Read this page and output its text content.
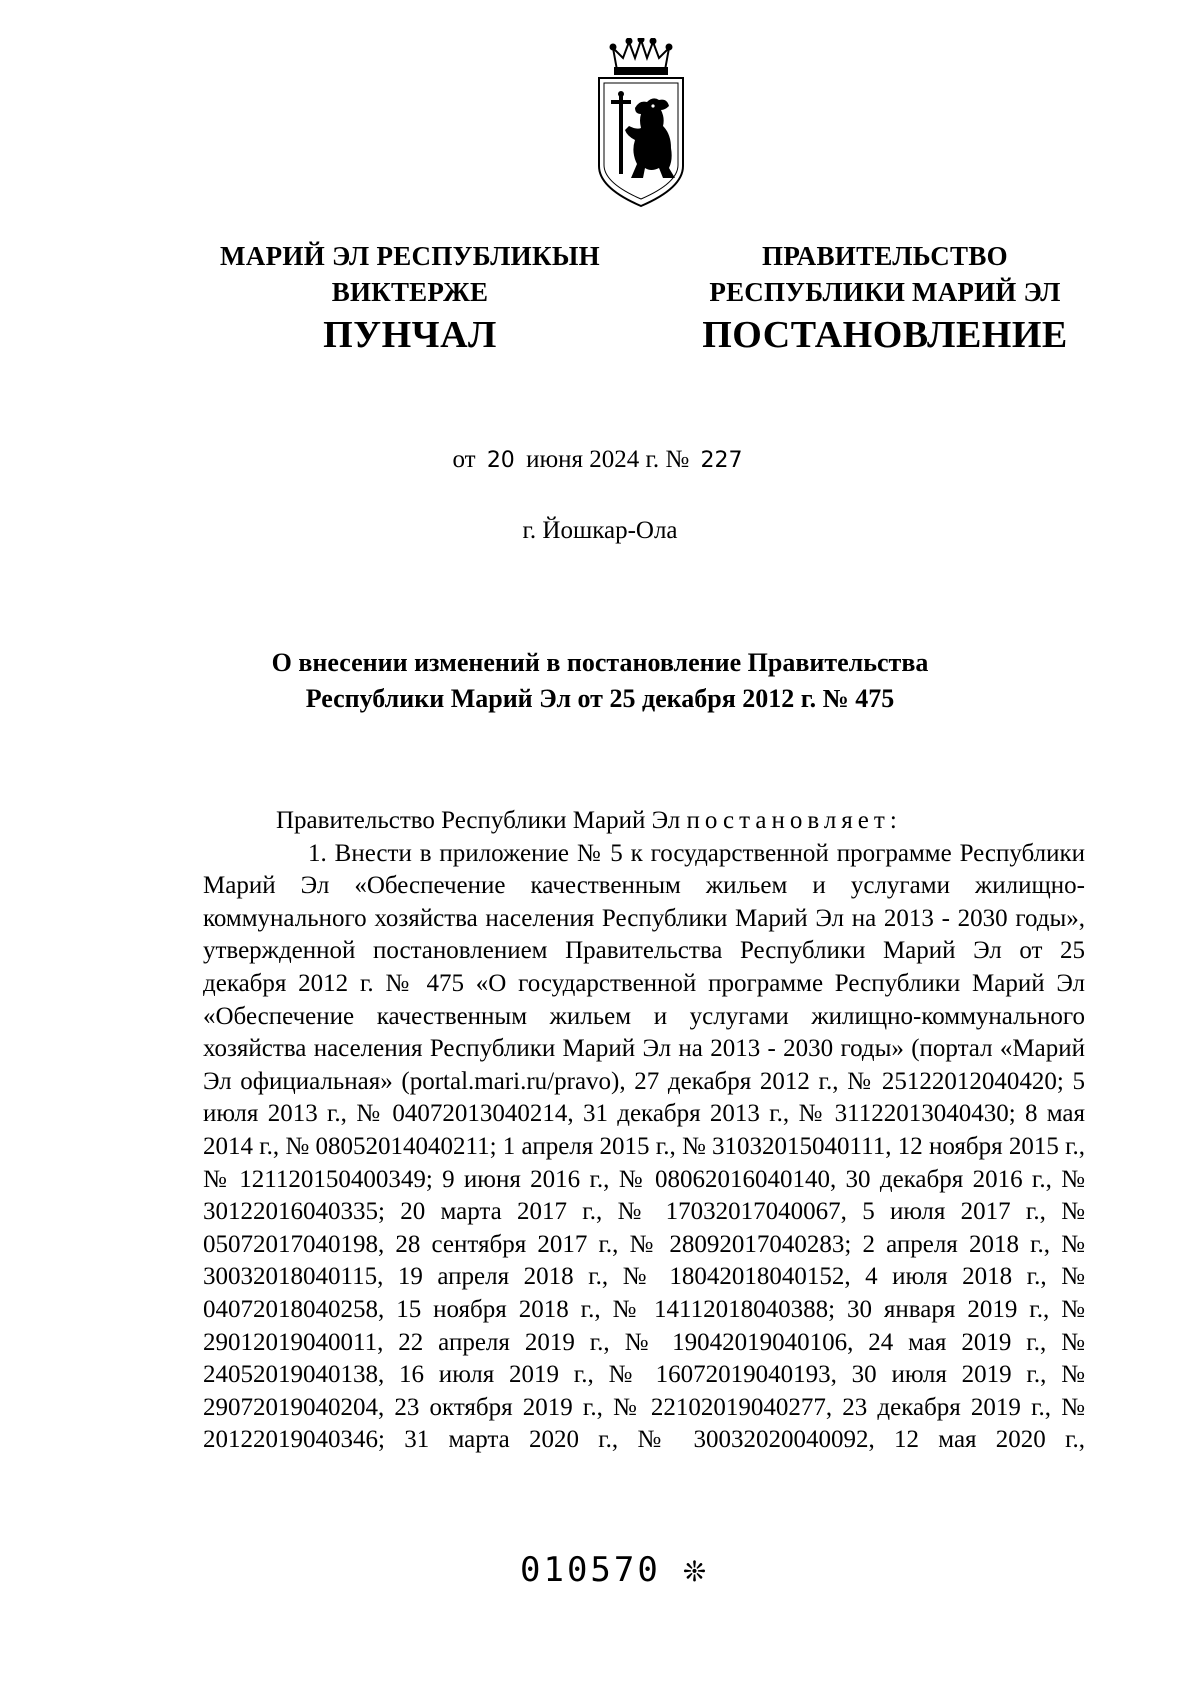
МАРИЙ ЭЛ РЕСПУБЛИКЫН
ВИКТЕРЖЕ
ПУНЧАЛ
ПРАВИТЕЛЬСТВО
РЕСПУБЛИКИ МАРИЙ ЭЛ
ПОСТАНОВЛЕНИЕ
от 20 июня 2024 г. № 227
г. Йошкар-Ола
О внесении изменений в постановление Правительства
Республики Марий Эл от 25 декабря 2012 г. № 475

Правительство Республики Марий Эл постановляет:

1. Внести в приложение № 5 к государственной программе Республики Марий Эл «Обеспечение качественным жильем и услугами жилищно-коммунального хозяйства населения Республики Марий Эл на 2013 - 2030 годы», утвержденной постановлением Правительства Республики Марий Эл от 25 декабря 2012 г. № 475 «О государственной программе Республики Марий Эл «Обеспечение качественным жильем и услугами жилищно-коммунального хозяйства населения Республики Марий Эл на 2013 - 2030 годы» (портал «Марий Эл официальная» (portal.mari.ru/pravo), 27 декабря 2012 г., № 25122012040420; 5 июля 2013 г., № 04072013040214, 31 декабря 2013 г., № 31122013040430; 8 мая 2014 г., № 08052014040211; 1 апреля 2015 г., № 31032015040111, 12 ноября 2015 г., № 121120150400349; 9 июня 2016 г., № 08062016040140, 30 декабря 2016 г., № 30122016040335; 20 марта 2017 г., № 17032017040067, 5 июля 2017 г., № 05072017040198, 28 сентября 2017 г., № 28092017040283; 2 апреля 2018 г., № 30032018040115, 19 апреля 2018 г., № 18042018040152, 4 июля 2018 г., № 04072018040258, 15 ноября 2018 г., № 14112018040388; 30 января 2019 г., № 29012019040011, 22 апреля 2019 г., № 19042019040106, 24 мая 2019 г., № 24052019040138, 16 июля 2019 г., № 16072019040193, 30 июля 2019 г., № 29072019040204, 23 октября 2019 г., № 22102019040277, 23 декабря 2019 г., № 20122019040346; 31 марта 2020 г., № 30032020040092, 12 мая 2020 г.,

010570 ❊
